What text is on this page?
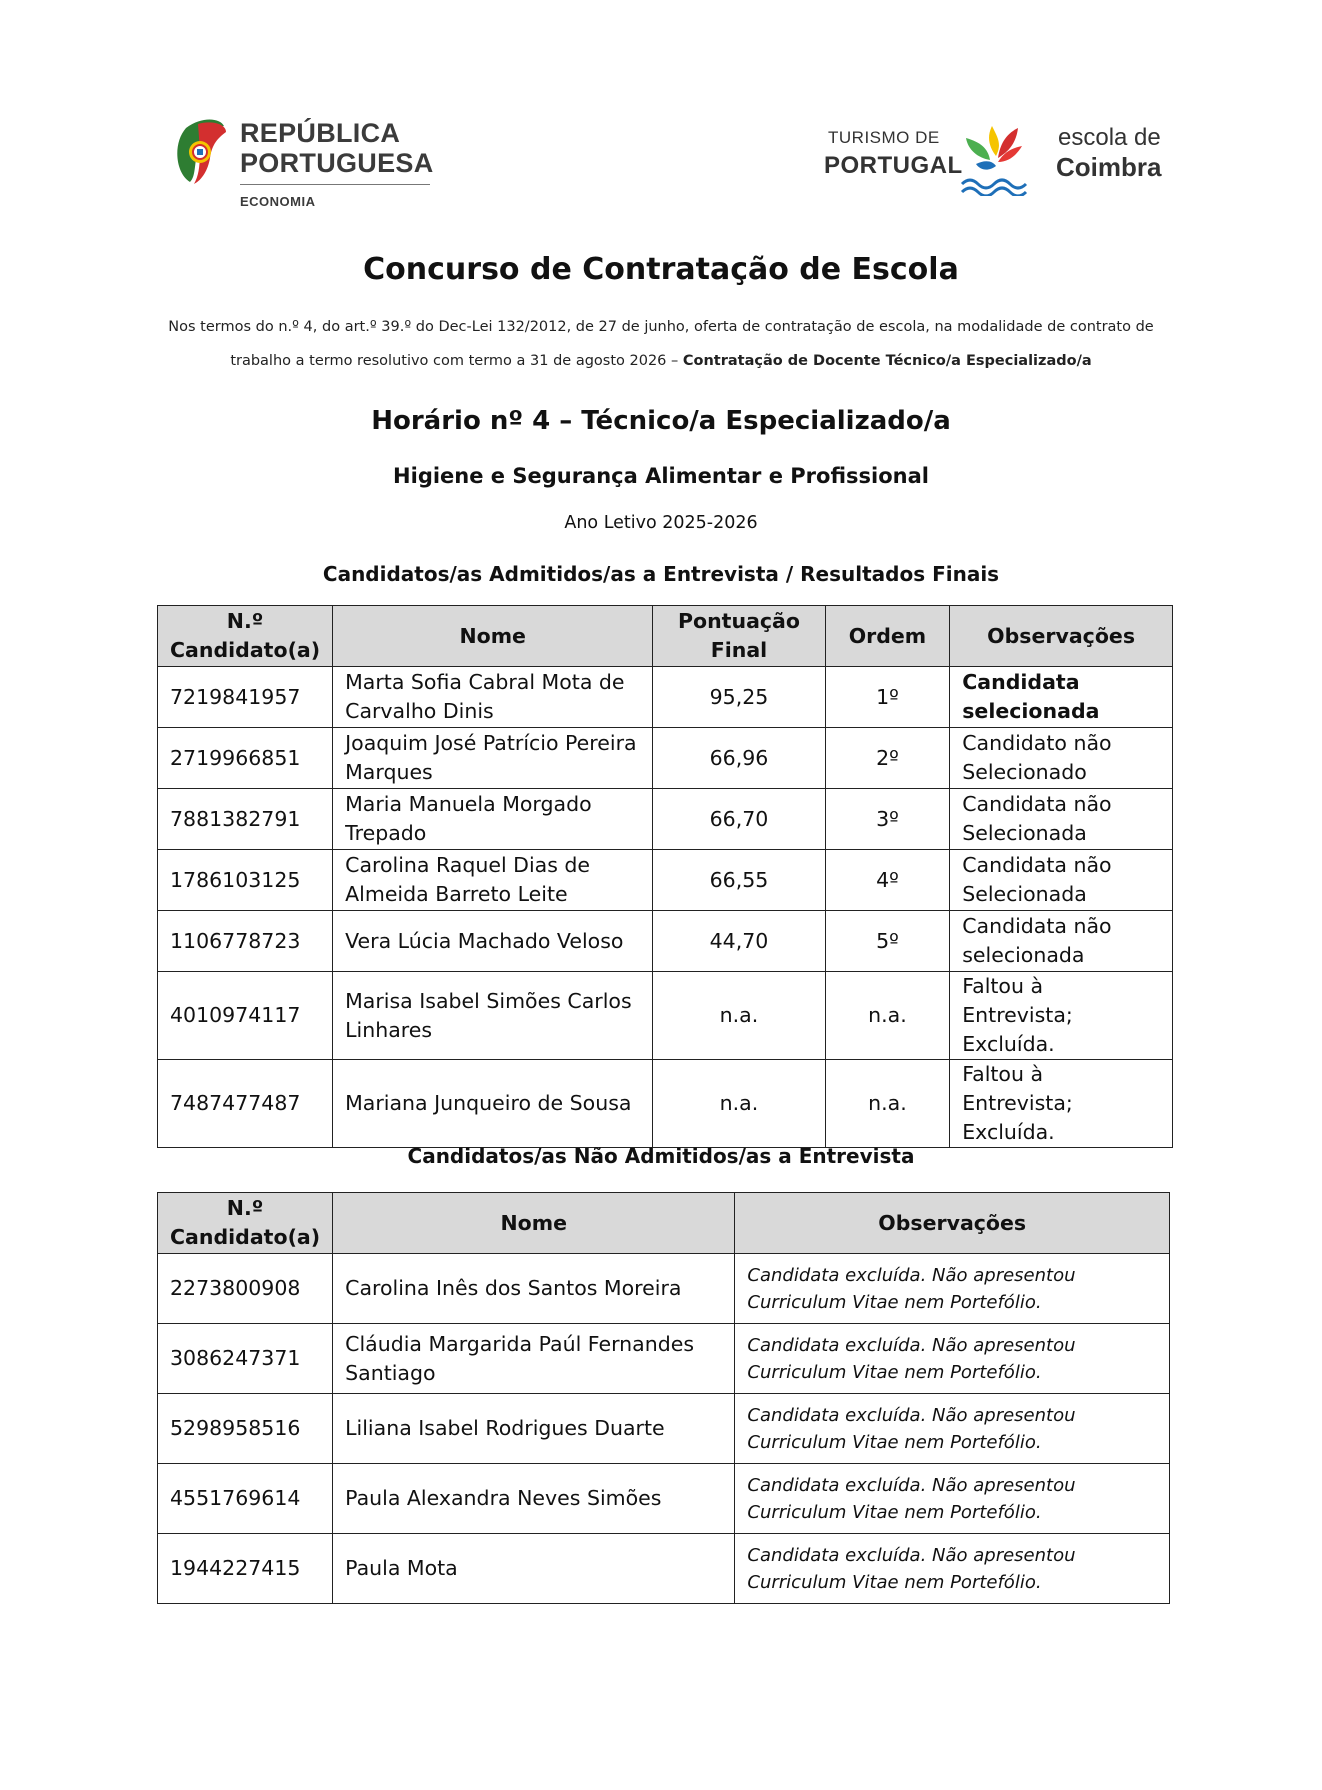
REPÚBLICA
PORTUGUESA
ECONOMIA
TURISMO DE
PORTUGAL
escola de
Coimbra
Concurso de Contratação de Escola
Nos termos do n.º 4, do art.º 39.º do Dec-Lei 132/2012, de 27 de junho, oferta de contratação de escola, na modalidade de contrato de trabalho a termo resolutivo com termo a 31 de agosto 2026 – Contratação de Docente Técnico/a Especializado/a
Horário nº 4 – Técnico/a Especializado/a
Higiene e Segurança Alimentar e Profissional
Ano Letivo 2025-2026
Candidatos/as Admitidos/as a Entrevista / Resultados Finais
N.º Candidato(a)	Nome	Pontuação Final	Ordem	Observações
7219841957	Marta Sofia Cabral Mota de Carvalho Dinis	95,25	1º	Candidata selecionada
2719966851	Joaquim José Patrício Pereira Marques	66,96	2º	Candidato não Selecionado
7881382791	Maria Manuela Morgado Trepado	66,70	3º	Candidata não Selecionada
1786103125	Carolina Raquel Dias de Almeida Barreto Leite	66,55	4º	Candidata não Selecionada
1106778723	Vera Lúcia Machado Veloso	44,70	5º	Candidata não selecionada
4010974117	Marisa Isabel Simões Carlos Linhares	n.a.	n.a.	Faltou à Entrevista; Excluída.
7487477487	Mariana Junqueiro de Sousa	n.a.	n.a.	Faltou à Entrevista; Excluída.
Candidatos/as Não Admitidos/as a Entrevista
N.º Candidato(a)	Nome	Observações
2273800908	Carolina Inês dos Santos Moreira	Candidata excluída. Não apresentou Curriculum Vitae nem Portefólio.
3086247371	Cláudia Margarida Paúl Fernandes Santiago	Candidata excluída. Não apresentou Curriculum Vitae nem Portefólio.
5298958516	Liliana Isabel Rodrigues Duarte	Candidata excluída. Não apresentou Curriculum Vitae nem Portefólio.
4551769614	Paula Alexandra Neves Simões	Candidata excluída. Não apresentou Curriculum Vitae nem Portefólio.
1944227415	Paula Mota	Candidata excluída. Não apresentou Curriculum Vitae nem Portefólio.
